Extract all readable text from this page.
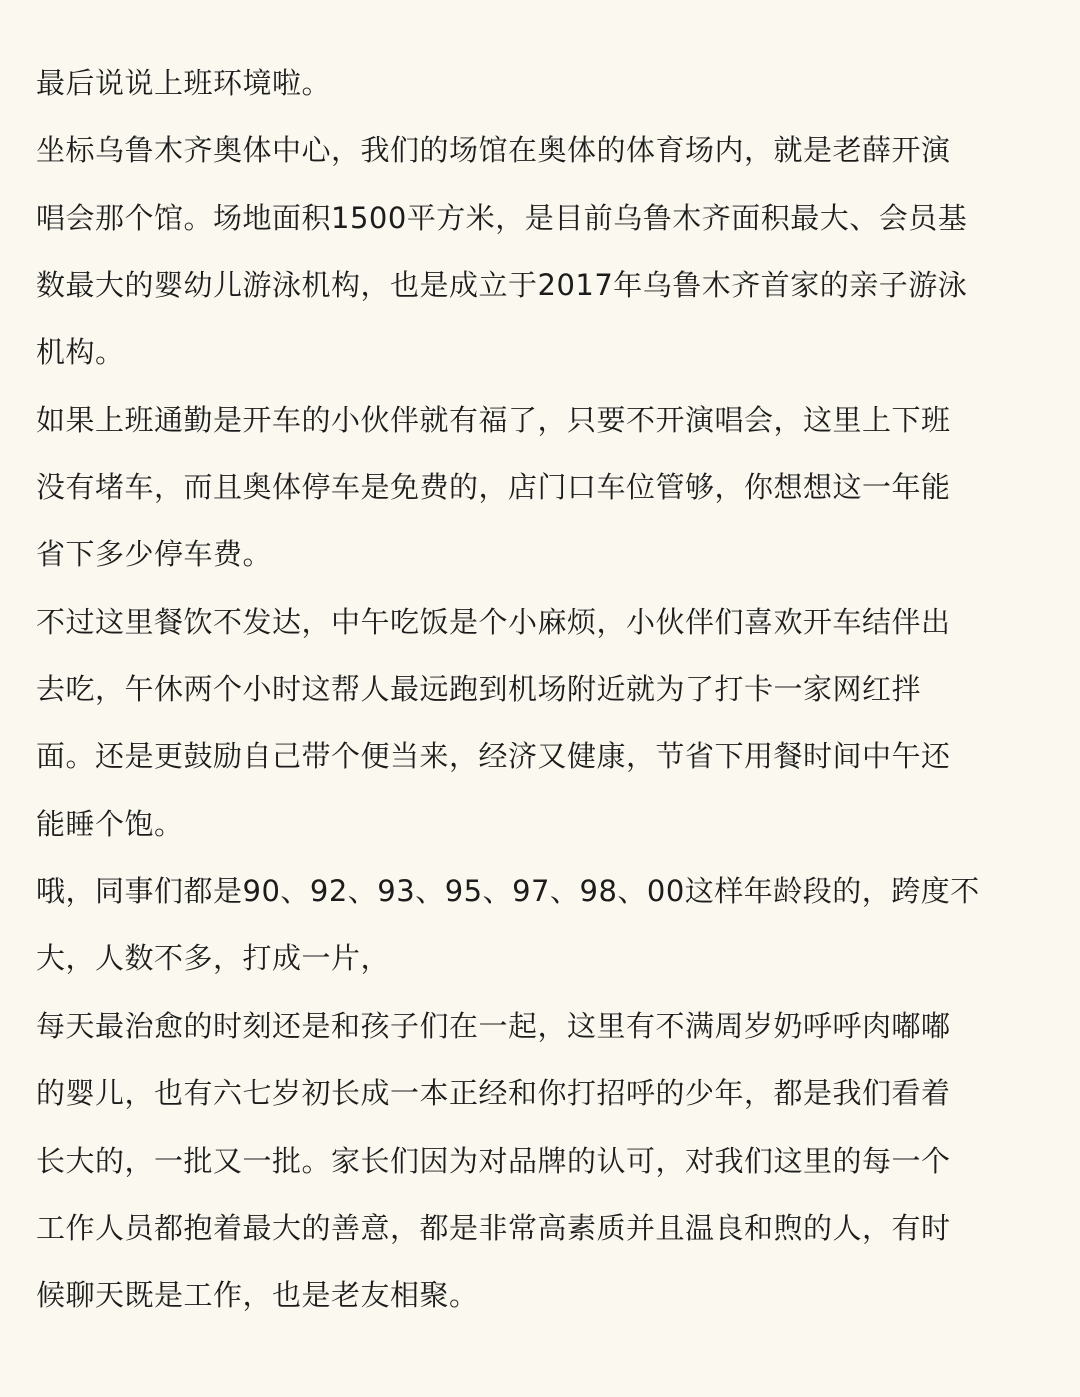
最后说说上班环境啦。
坐标乌鲁木齐奥体中心，我们的场馆在奥体的体育场内，就是老薛开演
唱会那个馆。场地面积1500平方米，是目前乌鲁木齐面积最大、会员基
数最大的婴幼儿游泳机构，也是成立于2017年乌鲁木齐首家的亲子游泳
机构。
如果上班通勤是开车的小伙伴就有福了，只要不开演唱会，这里上下班
没有堵车，而且奥体停车是免费的，店门口车位管够，你想想这一年能
省下多少停车费。
不过这里餐饮不发达，中午吃饭是个小麻烦，小伙伴们喜欢开车结伴出
去吃，午休两个小时这帮人最远跑到机场附近就为了打卡一家网红拌
面。还是更鼓励自己带个便当来，经济又健康，节省下用餐时间中午还
能睡个饱。
哦，同事们都是90、92、93、95、97、98、00这样年龄段的，跨度不
大，人数不多，打成一片，
每天最治愈的时刻还是和孩子们在一起，这里有不满周岁奶呼呼肉嘟嘟
的婴儿，也有六七岁初长成一本正经和你打招呼的少年，都是我们看着
长大的，一批又一批。家长们因为对品牌的认可，对我们这里的每一个
工作人员都抱着最大的善意，都是非常高素质并且温良和煦的人，有时
候聊天既是工作，也是老友相聚。
